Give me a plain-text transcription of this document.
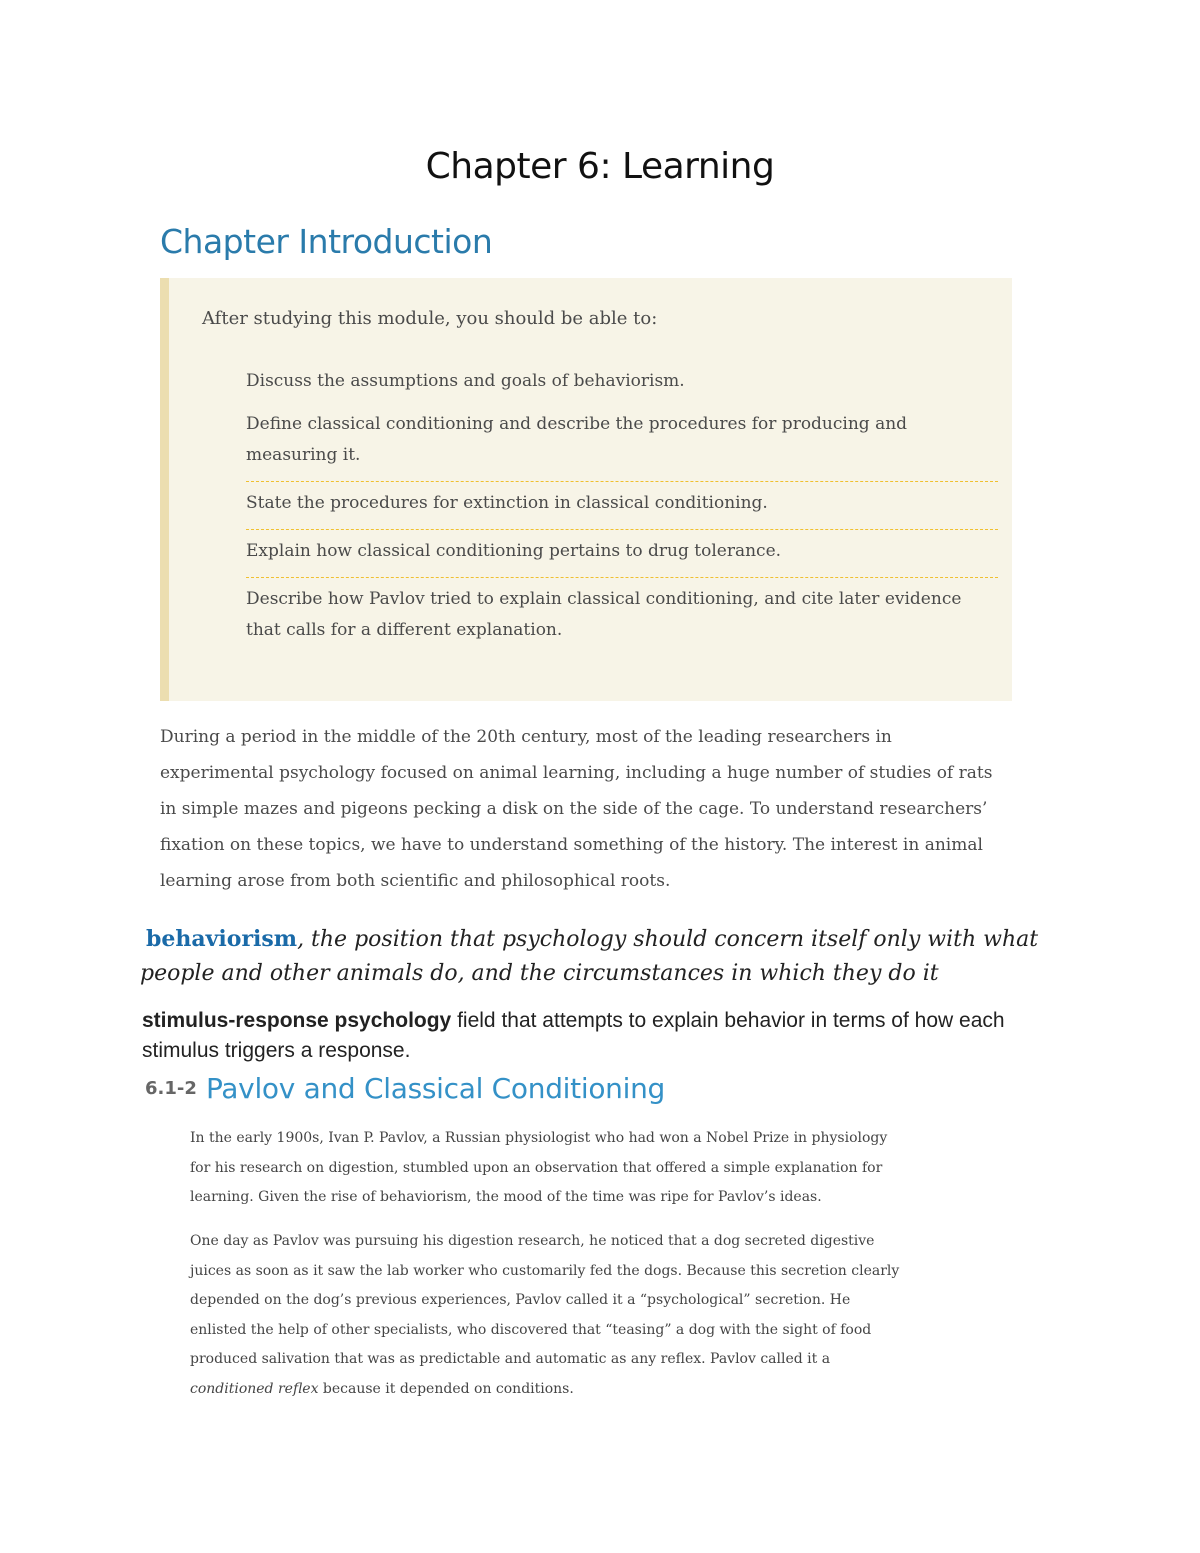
Chapter 6: Learning
Chapter Introduction
After studying this module, you should be able to:
Discuss the assumptions and goals of behaviorism.
Define classical conditioning and describe the procedures for producing and measuring it.
State the procedures for extinction in classical conditioning.
Explain how classical conditioning pertains to drug tolerance.
Describe how Pavlov tried to explain classical conditioning, and cite later evidence that calls for a different explanation.
During a period in the middle of the 20th century, most of the leading researchers in experimental psychology focused on animal learning, including a huge number of studies of rats in simple mazes and pigeons pecking a disk on the side of the cage. To understand researchers’ fixation on these topics, we have to understand something of the history. The interest in animal learning arose from both scientific and philosophical roots.
behaviorism, the position that psychology should concern itself only with what people and other animals do, and the circumstances in which they do it
stimulus-response psychology field that attempts to explain behavior in terms of how each stimulus triggers a response.
6.1-2 Pavlov and Classical Conditioning
In the early 1900s, Ivan P. Pavlov, a Russian physiologist who had won a Nobel Prize in physiology for his research on digestion, stumbled upon an observation that offered a simple explanation for learning. Given the rise of behaviorism, the mood of the time was ripe for Pavlov’s ideas.
One day as Pavlov was pursuing his digestion research, he noticed that a dog secreted digestive juices as soon as it saw the lab worker who customarily fed the dogs. Because this secretion clearly depended on the dog’s previous experiences, Pavlov called it a “psychological” secretion. He enlisted the help of other specialists, who discovered that “teasing” a dog with the sight of food produced salivation that was as predictable and automatic as any reflex. Pavlov called it a conditioned reflex because it depended on conditions.
